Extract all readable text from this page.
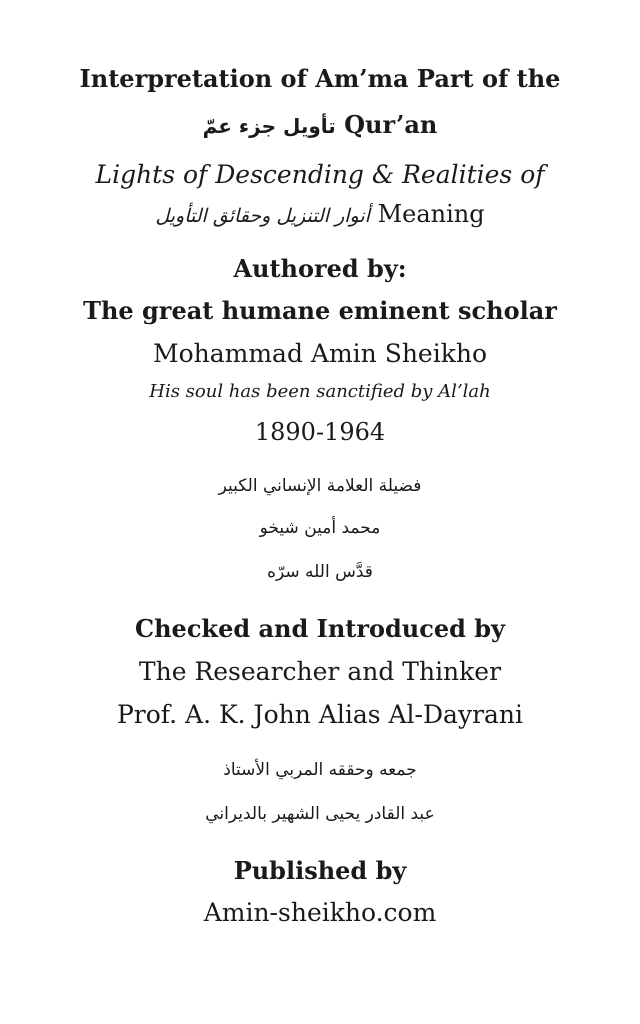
Interpretation of Am’ma Part of the
تأويل جزء عمّ Qur’an
Lights of Descending & Realities of
أنوار التنزيل وحقائق التأويل Meaning
Authored by:
The great humane eminent scholar
Mohammad Amin Sheikho
His soul has been sanctified by Al’lah
1890-1964
فضيلة العلامة الإنساني الكبير
محمد أمين شيخو
قدَّس الله سرّه
Checked and Introduced by
The Researcher and Thinker
Prof. A. K. John Alias Al-Dayrani
جمعه وحققه المربي الأستاذ
عبد القادر يحيى الشهير بالديراني
Published by
Amin-sheikho.com
